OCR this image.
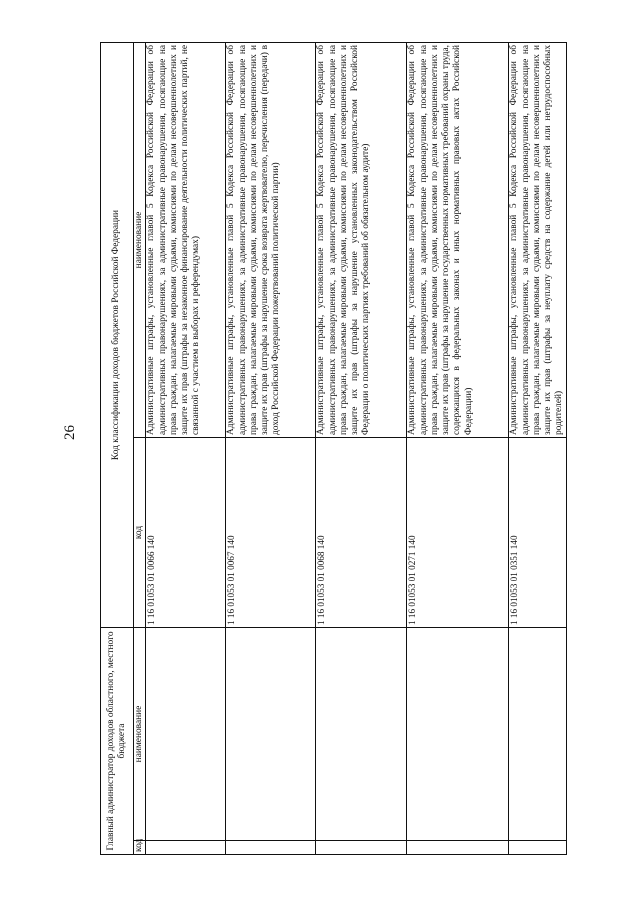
26
Главный администратор доходов областного, местного бюджета		Код классификации доходов бюджетов Российской Федерации	
код	наименование	код	наименование
		1 16 01053 01 0066 140	Административные штрафы, установленные главой 5 Кодекса Российской Федерации об административных правонарушениях, за административные правонарушения, посягающие на права граждан, налагаемые мировыми судьями, комиссиями по делам несовершеннолетних и защите их прав (штрафы за незаконное финансирование деятельности политических партий, не связанной с участием в выборах и референдумах)
		1 16 01053 01 0067 140	Административные штрафы, установленные главой 5 Кодекса Российской Федерации об административных правонарушениях, за административные правонарушения, посягающие на права граждан, налагаемые мировыми судьями, комиссиями по делам несовершеннолетних и защите их прав (штрафы за нарушение срока возврата жертвователю, перечисления (передачи) в доход Российской Федерации пожертвований политической партии)
		1 16 01053 01 0068 140	Административные штрафы, установленные главой 5 Кодекса Российской Федерации об административных правонарушениях, за административные правонарушения, посягающие на права граждан, налагаемые мировыми судьями, комиссиями по делам несовершеннолетних и защите их прав (штрафы за нарушение установленных законодательством Российской Федерации о политических партиях требований об обязательном аудите)
		1 16 01053 01 0271 140	Административные штрафы, установленные главой 5 Кодекса Российской Федерации об административных правонарушениях, за административные правонарушения, посягающие на права граждан, налагаемые мировыми судьями, комиссиями по делам несовершеннолетних и защите их прав (штрафы за нарушение государственных нормативных требований охраны труда, содержащихся в федеральных законах и иных нормативных правовых актах Российской Федерации)
		1 16 01053 01 0351 140	Административные штрафы, установленные главой 5 Кодекса Российской Федерации об административных правонарушениях, за административные правонарушения, посягающие на права граждан, налагаемые мировыми судьями, комиссиями по делам несовершеннолетних и защите их прав (штрафы за неуплату средств на содержание детей или нетрудоспособных родителей)
